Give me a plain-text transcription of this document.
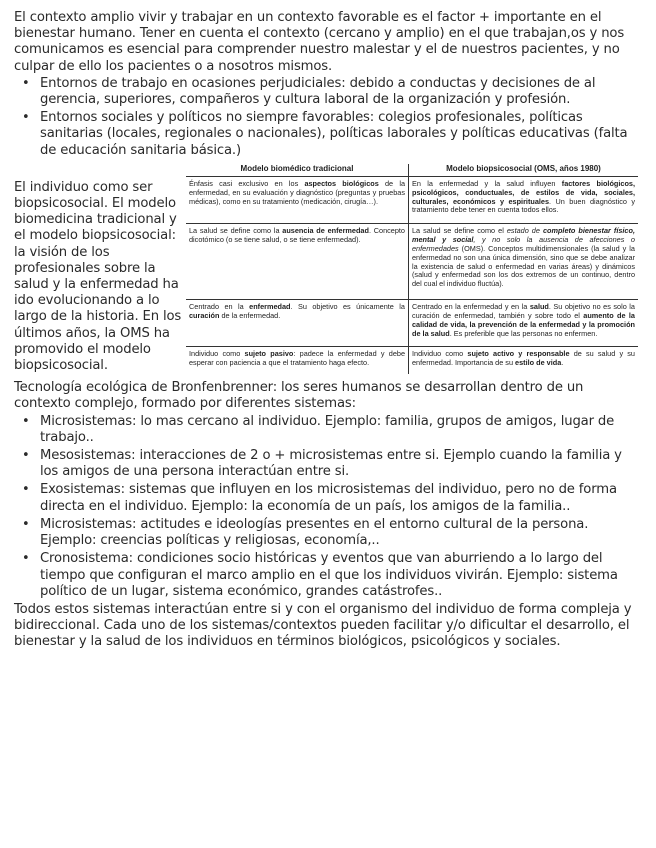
El contexto amplio vivir y trabajar en un contexto favorable es el factor + importante en el bienestar humano. Tener en cuenta el contexto (cercano y amplio) en el que trabajan,os y nos comunicamos es esencial para comprender nuestro malestar y el de nuestros pacientes, y no culpar de ello los pacientes o a nosotros mismos.

• Entornos de trabajo en ocasiones perjudiciales: debido a conductas y decisiones de al gerencia, superiores, compañeros y cultura laboral de la organización y profesión.
• Entornos sociales y políticos no siempre favorables: colegios profesionales, políticas sanitarias (locales, regionales o nacionales), políticas laborales y políticas educativas (falta de educación sanitaria básica.)
El individuo como ser biopsicosocial. El modelo biomedicina tradicional y el modelo biopsicosocial: la visión de los profesionales sobre la salud y la enfermedad ha ido evolucionando a lo largo de la historia. En los últimos años, la OMS ha promovido el modelo biopsicosocial.
Modelo biomédico tradicional	Modelo biopsicosocial (OMS, años 1980)
Énfasis casi exclusivo en los aspectos biológicos de la enfermedad, en su evaluación y diagnóstico (preguntas y pruebas médicas), como en su tratamiento (medicación, cirugía…).	En la enfermedad y la salud influyen factores biológicos, psicológicos, conductuales, de estilos de vida, sociales, culturales, económicos y espirituales. Un buen diagnóstico y tratamiento debe tener en cuenta todos ellos.
La salud se define como la ausencia de enfermedad. Concepto dicotómico (o se tiene salud, o se tiene enfermedad).	La salud se define como el estado de completo bienestar físico, mental y social, y no solo la ausencia de afecciones o enfermedades (OMS). Conceptos multidimensionales (la salud y la enfermedad no son una única dimensión, sino que se debe analizar la existencia de salud o enfermedad en varias áreas) y dinámicos (salud y enfermedad son los dos extremos de un continuo, dentro del cual el individuo fluctúa).
Centrado en la enfermedad. Su objetivo es únicamente la curación de la enfermedad.	Centrado en la enfermedad y en la salud. Su objetivo no es solo la curación de enfermedad, también y sobre todo el aumento de la calidad de vida, la prevención de la enfermedad y la promoción de la salud. Es preferible que las personas no enfermen.
Individuo como sujeto pasivo: padece la enfermedad y debe esperar con paciencia a que el tratamiento haga efecto.	Individuo como sujeto activo y responsable de su salud y su enfermedad. Importancia de su estilo de vida.

Tecnología ecológica de Bronfenbrenner: los seres humanos se desarrollan dentro de un contexto complejo, formado por diferentes sistemas:

• Microsistemas: lo mas cercano al individuo. Ejemplo: familia, grupos de amigos, lugar de trabajo..
• Mesosistemas: interacciones de 2 o + microsistemas entre si. Ejemplo cuando la familia y los amigos de una persona interactúan entre si.
• Exosistemas: sistemas que influyen en los microsistemas del individuo, pero no de forma directa en el individuo. Ejemplo: la economía de un país, los amigos de la familia..
• Microsistemas: actitudes e ideologías presentes en el entorno cultural de la persona. Ejemplo: creencias políticas y religiosas, economía,..
• Cronosistema: condiciones socio históricas y eventos que van aburriendo a lo largo del tiempo que configuran el marco amplio en el que los individuos vivirán. Ejemplo: sistema político de un lugar, sistema económico, grandes catástrofes..

Todos estos sistemas interactúan entre si y con el organismo del individuo de forma compleja y bidireccional. Cada uno de los sistemas/contextos pueden facilitar y/o dificultar el desarrollo, el bienestar y la salud de los individuos en términos biológicos, psicológicos y sociales.
